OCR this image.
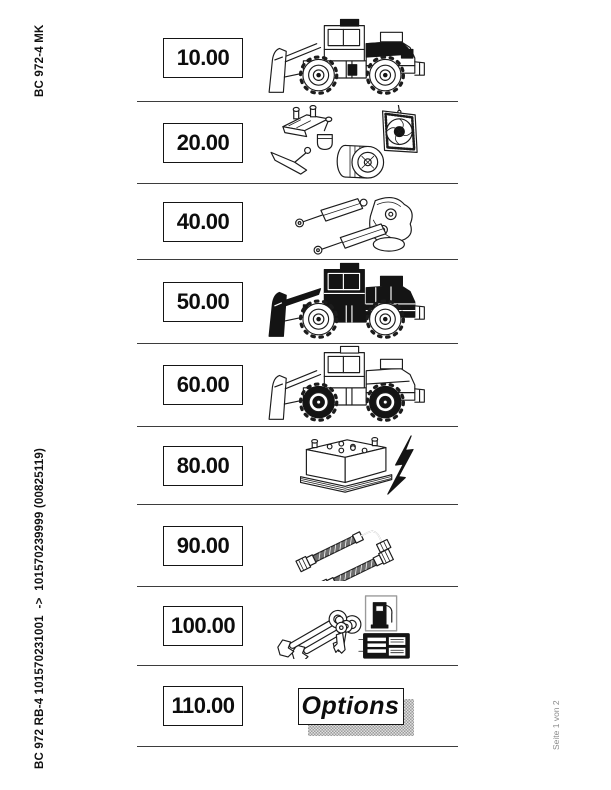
BC 972-4 MK
BC 972 RB-4 101570231001  ->  101570239999 (00825119)	Seite 1 von 2
10.00
20.00
40.00
50.00
60.00
80.00
90.00
100.00
110.00	Options
